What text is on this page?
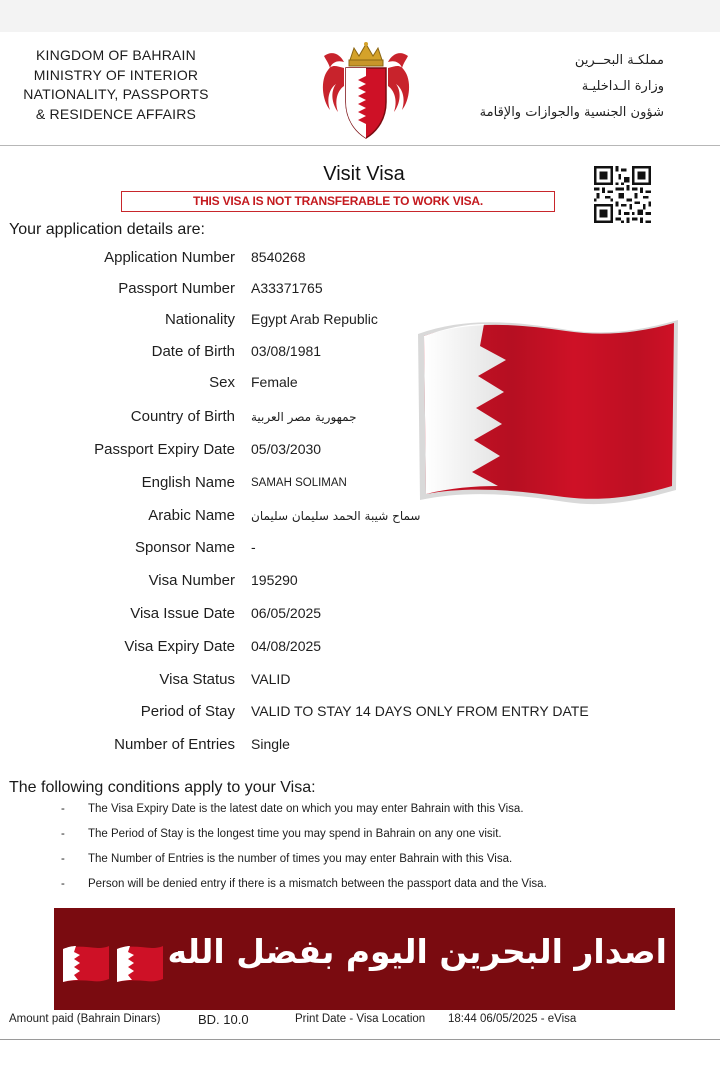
KINGDOM OF BAHRAIN
MINISTRY OF INTERIOR
NATIONALITY, PASSPORTS
& RESIDENCE AFFAIRS
مملكـة البحــرين
وزارة الـداخليـة
شؤون الجنسية والجوازات والإقامة
Visit Visa
THIS VISA IS NOT TRANSFERABLE TO WORK VISA.
Your application details are:
Application Number 8540268
Passport Number A33371765
Nationality Egypt Arab Republic
Date of Birth 03/08/1981
Sex Female
Country of Birth جمهورية مصر العربية
Passport Expiry Date 05/03/2030
English Name SAMAH SOLIMAN
Arabic Name سماح شيبة الحمد سليمان سليمان
Sponsor Name -
Visa Number 195290
Visa Issue Date 06/05/2025
Visa Expiry Date 04/08/2025
Visa Status VALID
Period of Stay VALID TO STAY 14 DAYS ONLY FROM ENTRY DATE
Number of Entries Single
The following conditions apply to your Visa:
- The Visa Expiry Date is the latest date on which you may enter Bahrain with this Visa.
- The Period of Stay is the longest time you may spend in Bahrain on any one visit.
- The Number of Entries is the number of times you may enter Bahrain with this Visa.
- Person will be denied entry if there is a mismatch between the passport data and the Visa.
اصدار البحرين اليوم بفضل الله
Amount paid (Bahrain Dinars)	BD. 10.0	Print Date - Visa Location 18:44 06/05/2025 - eVisa
